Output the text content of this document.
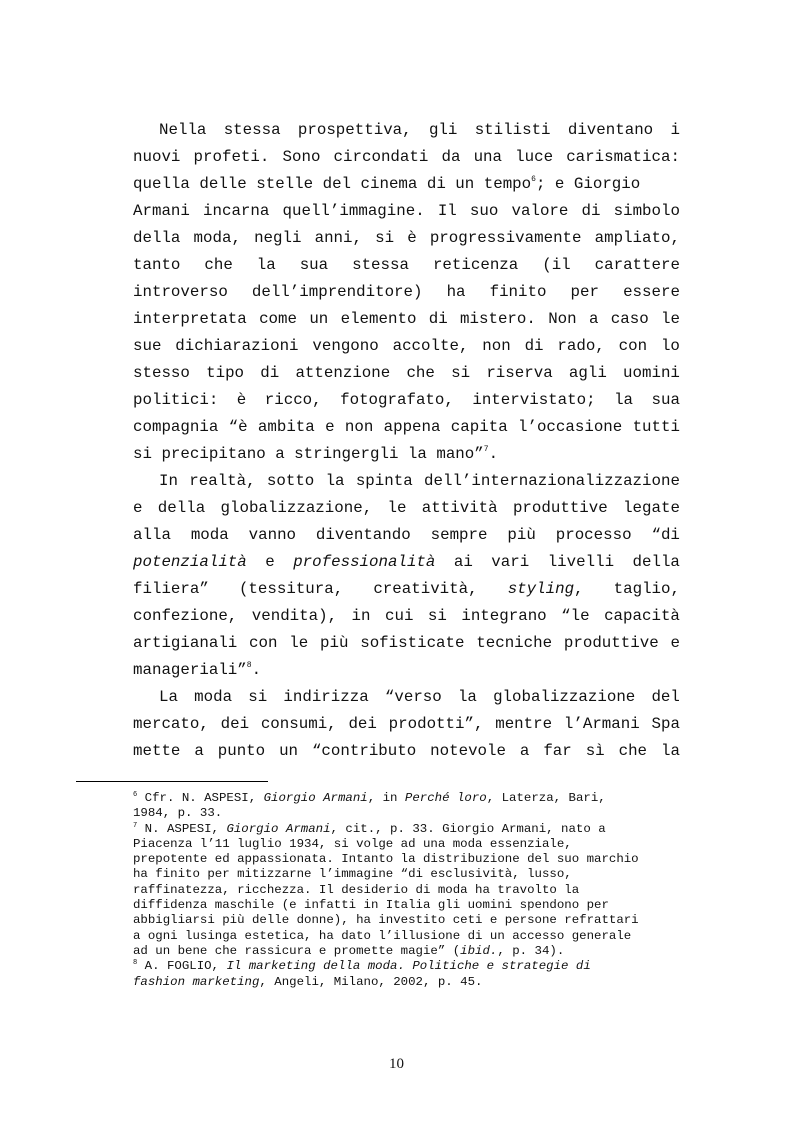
Nella stessa prospettiva, gli stilisti diventano i
nuovi profeti. Sono circondati da una luce carismatica:
quella delle stelle del cinema di un tempo$^6$; e Giorgio
Armani incarna quell’immagine. Il suo valore di simbolo
della moda, negli anni, si è progressivamente ampliato,
tanto che la sua stessa reticenza (il carattere
introverso dell’imprenditore) ha finito per essere
interpretata come un elemento di mistero. Non a caso le
sue dichiarazioni vengono accolte, non di rado, con lo
stesso tipo di attenzione che si riserva agli uomini
politici: è ricco, fotografato, intervistato; la sua
compagnia “è ambita e non appena capita l’occasione tutti
si precipitano a stringergli la mano”$^7$.
In realtà, sotto la spinta dell’internazionalizzazione
e della globalizzazione, le attività produttive legate
alla moda vanno diventando sempre più processo “di
potenzialità e professionalità ai vari livelli della
filiera” (tessitura, creatività, styling, taglio,
confezione, vendita), in cui si integrano “le capacità
artigianali con le più sofisticate tecniche produttive e
manageriali”$^8$.
La moda si indirizza “verso la globalizzazione del
mercato, dei consumi, dei prodotti”, mentre l’Armani Spa
mette a punto un “contributo notevole a far sì che la
$^6$ Cfr. N. ASPESI, Giorgio Armani, in Perché loro, Laterza, Bari,
1984, p. 33.
$^7$ N. ASPESI, Giorgio Armani, cit., p. 33. Giorgio Armani, nato a
Piacenza l’11 luglio 1934, si volge ad una moda essenziale,
prepotente ed appassionata. Intanto la distribuzione del suo marchio
ha finito per mitizzarne l’immagine “di esclusività, lusso,
raffinatezza, ricchezza. Il desiderio di moda ha travolto la
diffidenza maschile (e infatti in Italia gli uomini spendono per
abbigliarsi più delle donne), ha investito ceti e persone refrattari
a ogni lusinga estetica, ha dato l’illusione di un accesso generale
ad un bene che rassicura e promette magie” (ibid., p. 34).
$^8$ A. FOGLIO, Il marketing della moda. Politiche e strategie di
fashion marketing, Angeli, Milano, 2002, p. 45.
10
